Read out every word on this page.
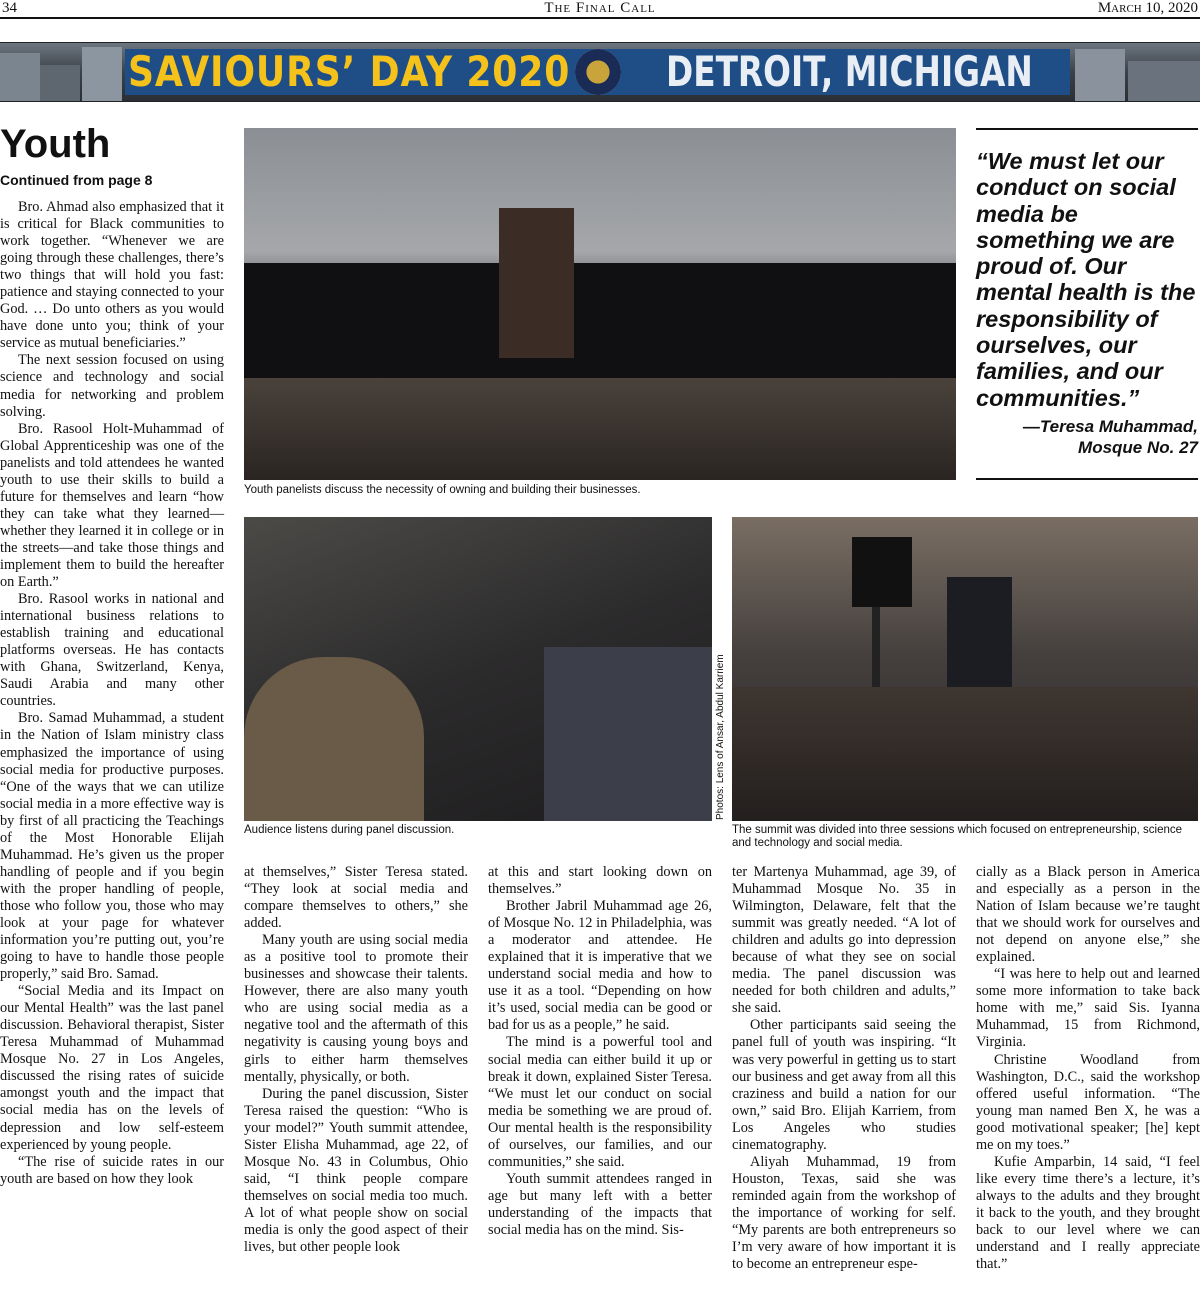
34	The Final Call	March 10, 2020
SAVIOURS’ DAY 2020 DETROIT, MICHIGAN
Youth
Continued from page 8

Bro. Ahmad also emphasized that it is critical for Black communities to work together. “Whenever we are going through these challenges, there’s two things that will hold you fast: patience and staying connected to your God. … Do unto others as you would have done unto you; think of your service as mutual beneficiaries.”

The next session focused on using science and technology and social media for networking and problem solving.

Bro. Rasool Holt-Muhammad of Global Apprenticeship was one of the panelists and told attendees he wanted youth to use their skills to build a future for themselves and learn “how they can take what they learned—whether they learned it in college or in the streets—and take those things and implement them to build the hereafter on Earth.”

Bro. Rasool works in national and international business relations to establish training and educational platforms overseas. He has contacts with Ghana, Switzerland, Kenya, Saudi Arabia and many other countries.

Bro. Samad Muhammad, a student in the Nation of Islam ministry class emphasized the importance of using social media for productive purposes. “One of the ways that we can utilize social media in a more effective way is by first of all practicing the Teachings of the Most Honorable Elijah Muhammad. He’s given us the proper handling of people and if you begin with the proper handling of people, those who follow you, those who may look at your page for whatever information you’re putting out, you’re going to have to handle those people properly,” said Bro. Samad.

“Social Media and its Impact on our Mental Health” was the last panel discussion. Behavioral therapist, Sister Teresa Muhammad of Muhammad Mosque No. 27 in Los Angeles, discussed the rising rates of suicide amongst youth and the impact that social media has on the levels of depression and low self-esteem experienced by young people.

“The rise of suicide rates in our youth are based on how they look

Youth panelists discuss the necessity of owning and building their businesses.
“We must let our conduct on social media be something we are proud of. Our mental health is the responsibility of ourselves, our families, and our communities.”
—Teresa Muhammad,
Mosque No. 27
Audience listens during panel discussion.
Photos: Lens of Ansar, Abdul Karriem
The summit was divided into three sessions which focused on entrepreneurship, science and technology and social media.

at themselves,” Sister Teresa stated. “They look at social media and compare themselves to others,” she added.

Many youth are using social media as a positive tool to promote their businesses and showcase their talents. However, there are also many youth who are using social media as a negative tool and the aftermath of this negativity is causing young boys and girls to either harm themselves mentally, physically, or both.

During the panel discussion, Sister Teresa raised the question: “Who is your model?” Youth summit attendee, Sister Elisha Muhammad, age 22, of Mosque No. 43 in Columbus, Ohio said, “I think people compare themselves on social media too much. A lot of what people show on social media is only the good aspect of their lives, but other people look

at this and start looking down on themselves.”

Brother Jabril Muhammad age 26, of Mosque No. 12 in Philadelphia, was a moderator and attendee. He explained that it is imperative that we understand social media and how to use it as a tool. “Depending on how it’s used, social media can be good or bad for us as a people,” he said.

The mind is a powerful tool and social media can either build it up or break it down, explained Sister Teresa. “We must let our conduct on social media be something we are proud of. Our mental health is the responsibility of ourselves, our families, and our communities,” she said.

Youth summit attendees ranged in age but many left with a better understanding of the impacts that social media has on the mind. Sis-

ter Martenya Muhammad, age 39, of Muhammad Mosque No. 35 in Wilmington, Delaware, felt that the summit was greatly needed. “A lot of children and adults go into depression because of what they see on social media. The panel discussion was needed for both children and adults,” she said.

Other participants said seeing the panel full of youth was inspiring. “It was very powerful in getting us to start our business and get away from all this craziness and build a nation for our own,” said Bro. Elijah Karriem, from Los Angeles who studies cinematography.

Aliyah Muhammad, 19 from Houston, Texas, said she was reminded again from the workshop of the importance of working for self. “My parents are both entrepreneurs so I’m very aware of how important it is to become an entrepreneur espe-

cially as a Black person in America and especially as a person in the Nation of Islam because we’re taught that we should work for ourselves and not depend on anyone else,” she explained.

“I was here to help out and learned some more information to take back home with me,” said Sis. Iyanna Muhammad, 15 from Richmond, Virginia.

Christine Woodland from Washington, D.C., said the workshop offered useful information. “The young man named Ben X, he was a good motivational speaker; [he] kept me on my toes.”

Kufie Amparbin, 14 said, “I feel like every time there’s a lecture, it’s always to the adults and they brought it back to the youth, and they brought back to our level where we can understand and I really appreciate that.”
